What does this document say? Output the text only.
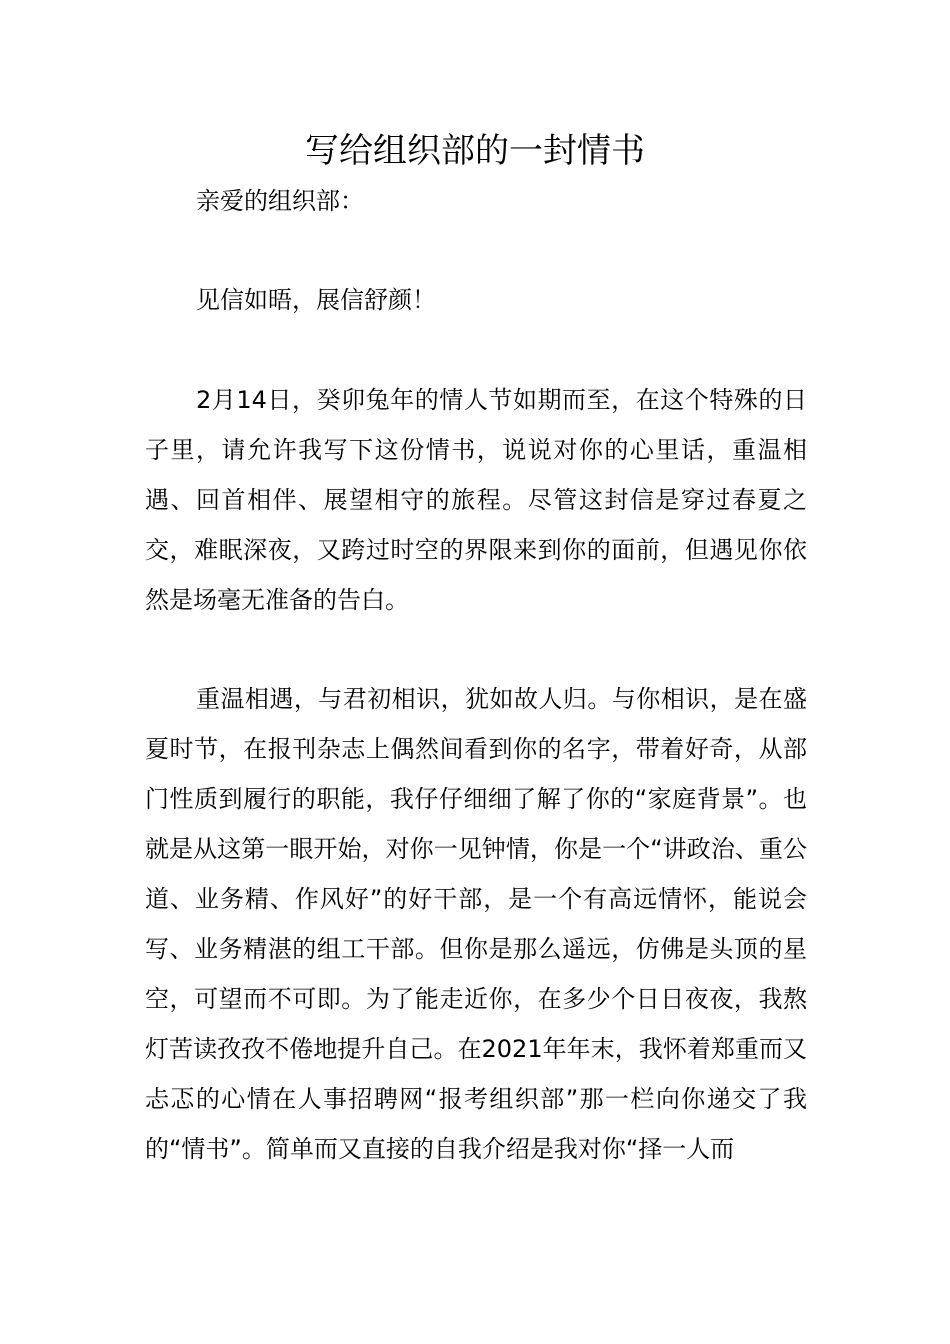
写给组织部的一封情书
亲爱的组织部：
见信如晤，展信舒颜！

2月14日，癸卯兔年的情人节如期而至，在这个特殊的日子里，请允许我写下这份情书，说说对你的心里话，重温相遇、回首相伴、展望相守的旅程。尽管这封信是穿过春夏之交，难眠深夜，又跨过时空的界限来到你的面前，但遇见你依然是场毫无准备的告白。

重温相遇，与君初相识，犹如故人归。与你相识，是在盛夏时节，在报刊杂志上偶然间看到你的名字，带着好奇，从部门性质到履行的职能，我仔仔细细了解了你的“家庭背景”。也就是从这第一眼开始，对你一见钟情，你是一个“讲政治、重公道、业务精、作风好”的好干部，是一个有高远情怀，能说会写、业务精湛的组工干部。但你是那么遥远，仿佛是头顶的星空，可望而不可即。为了能走近你，在多少个日日夜夜，我熬灯苦读孜孜不倦地提升自己。在2021年年末，我怀着郑重而又忐忑的心情在人事招聘网“报考组织部”那一栏向你递交了我的“情书”。简单而又直接的自我介绍是我对你“择一人而
